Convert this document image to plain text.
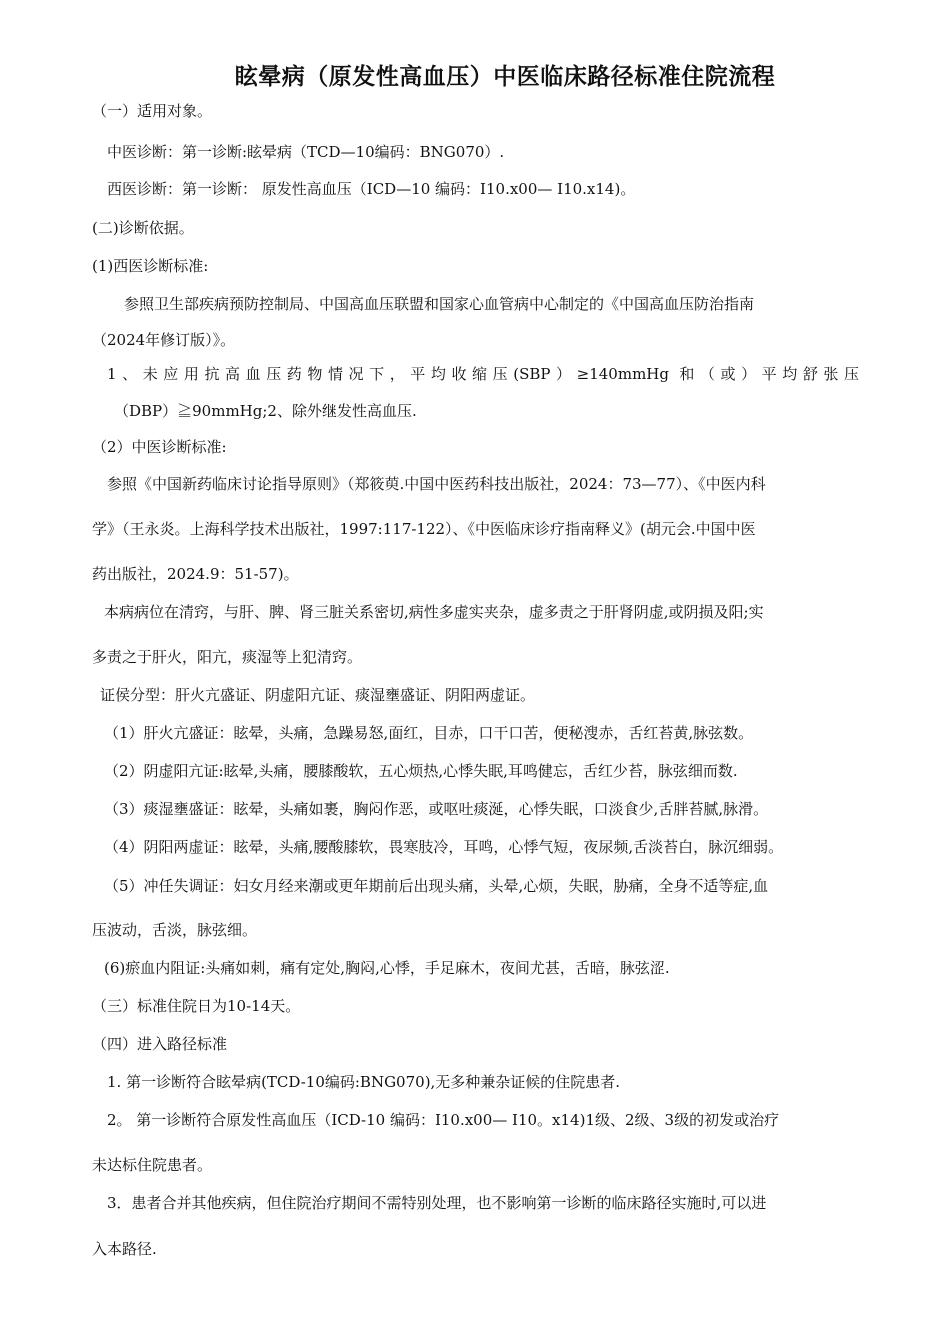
眩晕病（原发性高血压）中医临床路径标准住院流程
（一）适用对象。
中医诊断：第一诊断:眩晕病（TCD—10编码：BNG070）.
西医诊断：第一诊断： 原发性高血压（ICD—10 编码：I10.x00— I10.x14)。
(二)诊断依据。
(1)西医诊断标准:
参照卫生部疾病预防控制局、中国高血压联盟和国家心血管病中心制定的《中国高血压防治指南
（2024年修订版）》。
1、未应用抗高血压药物情况下，平均收缩压(SBP）≥140mmHg 和（或）平均舒张压
（DBP）≧90mmHg;2、除外继发性高血压.
（2）中医诊断标准:
参照《中国新药临床讨论指导原则》（郑筱萸.中国中医药科技出版社，2024：73—77）、《中医内科
学》（王永炎。上海科学技术出版社，1997:117-122）、《中医临床诊疗指南释义》(胡元会.中国中医
药出版社，2024.9：51-57)。
本病病位在清窍，与肝、脾、肾三脏关系密切,病性多虚实夹杂，虚多责之于肝肾阴虚,或阴损及阳;实
多责之于肝火，阳亢，痰湿等上犯清窍。
证侯分型：肝火亢盛证、阴虚阳亢证、痰湿壅盛证、阴阳两虚证。
（1）肝火亢盛证：眩晕，头痛，急躁易怒,面红，目赤，口干口苦，便秘溲赤，舌红苔黄,脉弦数。
（2）阴虚阳亢证:眩晕,头痛，腰膝酸软，五心烦热,心悸失眠,耳鸣健忘，舌红少苔，脉弦细而数.
（3）痰湿壅盛证：眩晕，头痛如裹，胸闷作恶，或呕吐痰涎，心悸失眠，口淡食少,舌胖苔腻,脉滑。
（4）阴阳两虚证：眩晕，头痛,腰酸膝软，畏寒肢冷，耳鸣，心悸气短，夜尿频,舌淡苔白，脉沉细弱。
（5）冲任失调证：妇女月经来潮或更年期前后出现头痛，头晕,心烦，失眠，胁痛，全身不适等症,血
压波动，舌淡，脉弦细。
(6)瘀血内阻证:头痛如刺，痛有定处,胸闷,心悸，手足麻木，夜间尤甚，舌暗，脉弦涩.
（三）标准住院日为10-14天。
（四）进入路径标准
1. 第一诊断符合眩晕病(TCD-10编码:BNG070),无多种兼杂证候的住院患者.
2。 第一诊断符合原发性高血压（ICD-10 编码：I10.x00— I10。x14)1级、2级、3级的初发或治疗
未达标住院患者。
3．患者合并其他疾病，但住院治疗期间不需特别处理，也不影响第一诊断的临床路径实施时,可以进
入本路径.
